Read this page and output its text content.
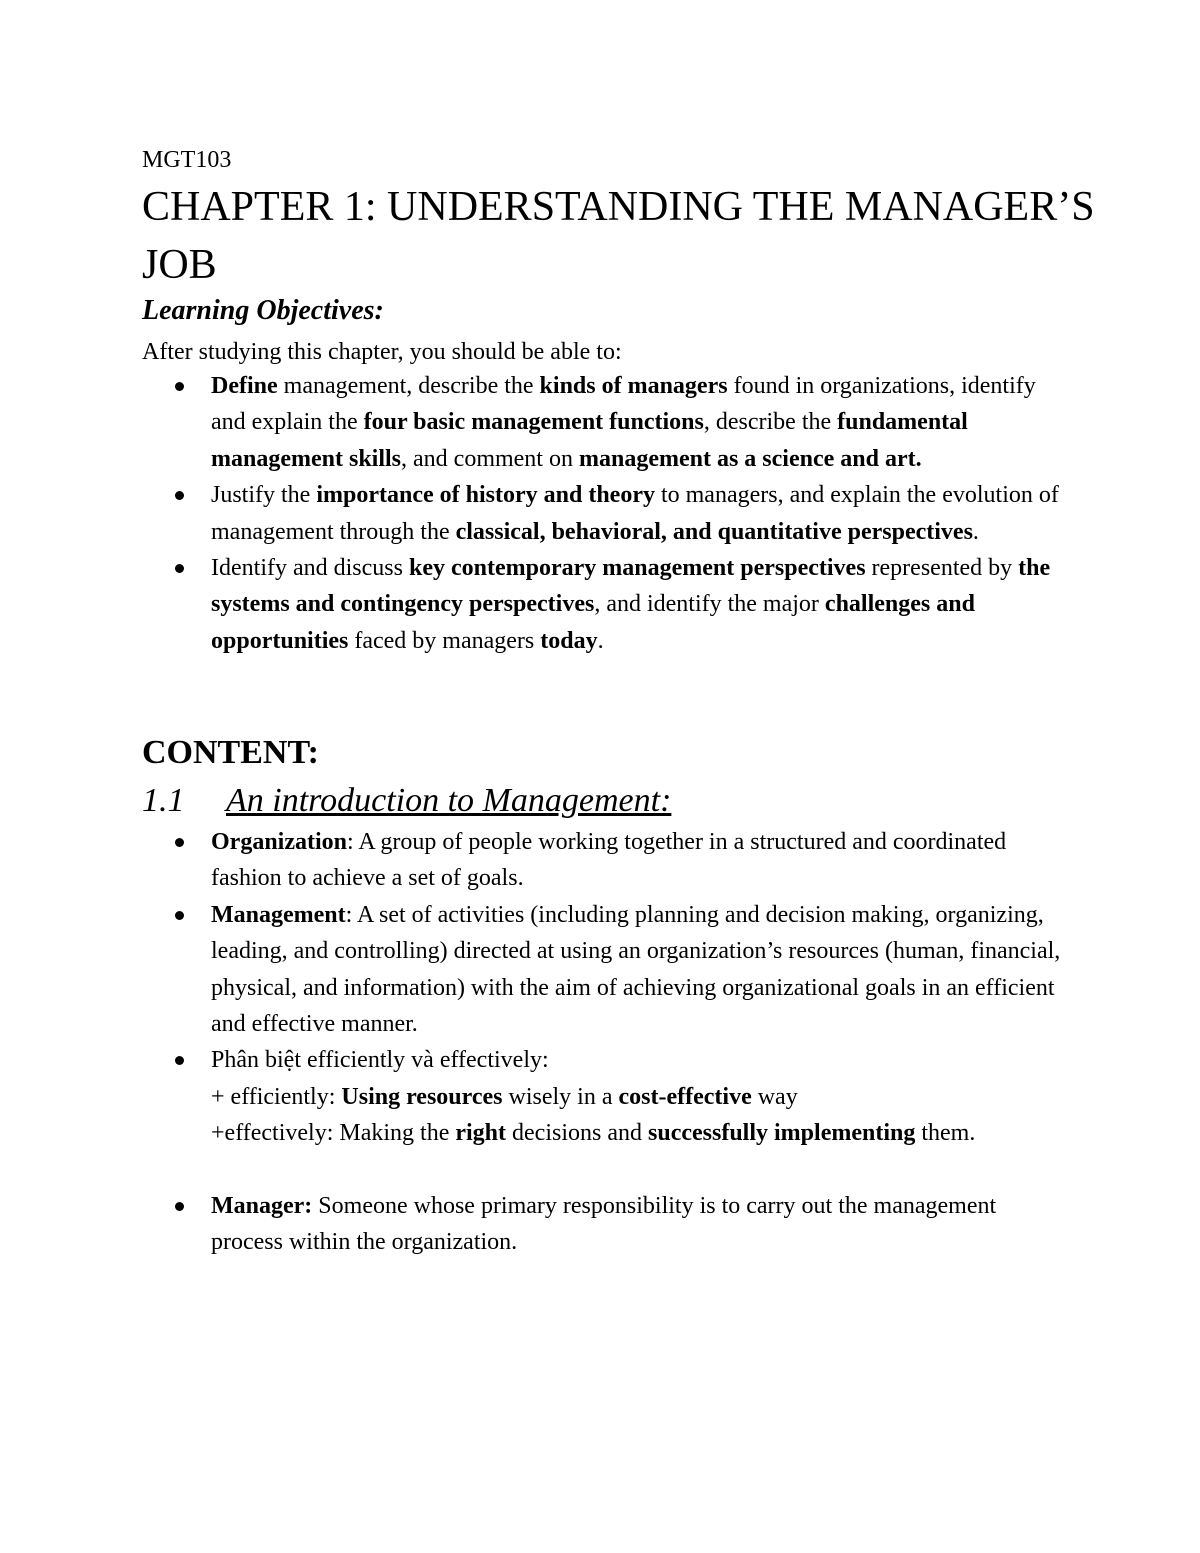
MGT103
CHAPTER 1: UNDERSTANDING THE MANAGER’S JOB
Learning Objectives:
After studying this chapter, you should be able to:
Define management, describe the kinds of managers found in organizations, identify and explain the four basic management functions, describe the fundamental management skills, and comment on management as a science and art.
Justify the importance of history and theory to managers, and explain the evolution of management through the classical, behavioral, and quantitative perspectives.
Identify and discuss key contemporary management perspectives represented by the systems and contingency perspectives, and identify the major challenges and opportunities faced by managers today.
CONTENT:
1.1 An introduction to Management:
Organization: A group of people working together in a structured and coordinated fashion to achieve a set of goals.
Management: A set of activities (including planning and decision making, organizing, leading, and controlling) directed at using an organization’s resources (human, financial, physical, and information) with the aim of achieving organizational goals in an efficient and effective manner.
Phân biệt efficiently và effectively:
+ efficiently: Using resources wisely in a cost-effective way
+effectively: Making the right decisions and successfully implementing them.
Manager: Someone whose primary responsibility is to carry out the management process within the organization.
